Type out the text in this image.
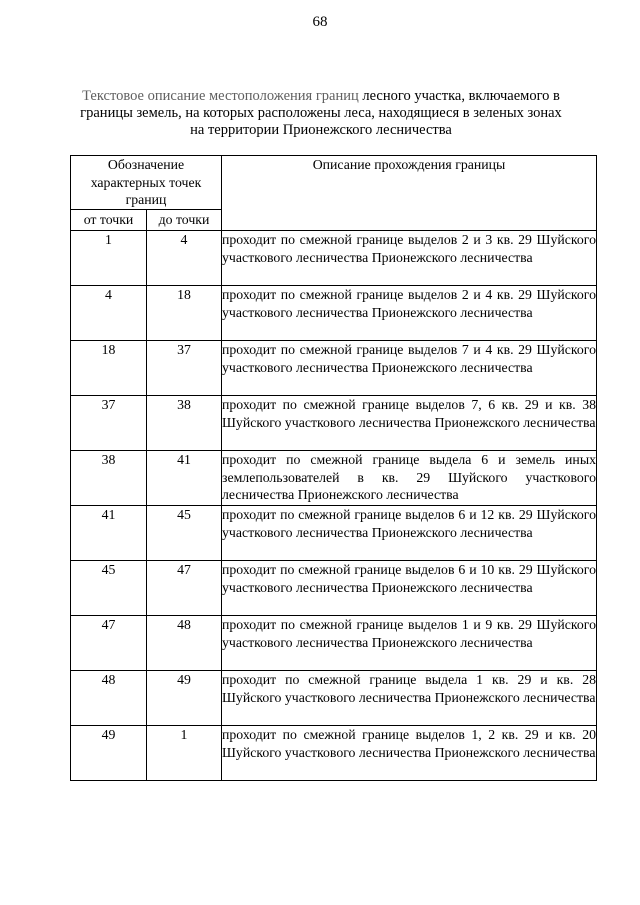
68
Текстовое описание местоположения границ лесного участка, включаемого в границы земель, на которых расположены леса, находящиеся в зеленых зонах на территории Прионежского лесничества
Обозначение характерных точек границ		Описание прохождения границы
от точки	до точки	
1	4	проходит по смежной границе выделов 2 и 3 кв. 29 Шуйского участкового лесничества Прионежского лесничества
4	18	проходит по смежной границе выделов 2 и 4 кв. 29 Шуйского участкового лесничества Прионежского лесничества
18	37	проходит по смежной границе выделов 7 и 4 кв. 29 Шуйского участкового лесничества Прионежского лесничества
37	38	проходит по смежной границе выделов 7, 6 кв. 29 и кв. 38 Шуйского участкового лесничества Прионежского лесничества
38	41	проходит по смежной границе выдела 6 и земель иных землепользователей в кв. 29 Шуйского участкового лесничества Прионежского лесничества
41	45	проходит по смежной границе выделов 6 и 12 кв. 29 Шуйского участкового лесничества Прионежского лесничества
45	47	проходит по смежной границе выделов 6 и 10 кв. 29 Шуйского участкового лесничества Прионежского лесничества
47	48	проходит по смежной границе выделов 1 и 9 кв. 29 Шуйского участкового лесничества Прионежского лесничества
48	49	проходит по смежной границе выдела 1 кв. 29 и кв. 28 Шуйского участкового лесничества Прионежского лесничества
49	1	проходит по смежной границе выделов 1, 2 кв. 29 и кв. 20 Шуйского участкового лесничества Прионежского лесничества
